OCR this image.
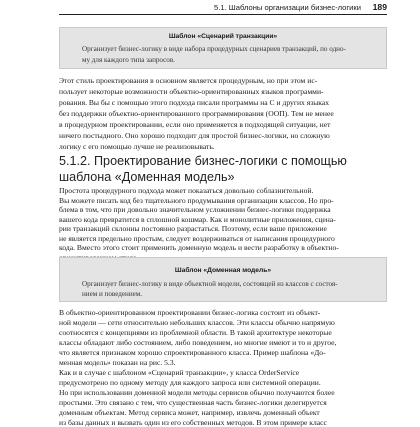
5.1. Шаблоны организации бизнес-логики 189
Шаблон «Сценарий транзакции»
Организует бизнес-логику в виде набора процедурных сценариев транзакций, по одно-
му для каждого типа запросов.
Этот стиль проектирования в основном является процедурным, но при этом ис-
пользует некоторые возможности объектно-ориентированных языков программи-
рования. Вы бы с помощью этого подхода писали программы на С и других языках
без поддержки объектно-ориентированного программирования (ООП). Тем не менее
в процедурном проектировании, если оно применяется в подходящей ситуации, нет
ничего постыдного. Оно хорошо подходит для простой бизнес-логики, но сложную
логику с его помощью лучше не реализовывать.
5.1.2. Проектирование бизнес-логики с помощью
шаблона «Доменная модель»
Простота процедурного подхода может показаться довольно соблазнительной.
Вы можете писать код без тщательного продумывания организации классов. Но про-
блема в том, что при довольно значительном усложнении бизнес-логики поддержка
вашего кода превратится в сплошной кошмар. Как и монолитные приложения, сцена-
рии транзакций склонны постоянно разрастаться. Поэтому, если ваше приложение
не является предельно простым, следует воздерживаться от написания процедурного
кода. Вместо этого стоит применить доменную модель и вести разработку в объектно-
Шаблон «Доменная модель»
Организует бизнес-логику в виде объектной модели, состоящей из классов с состоя-
нием и поведением.
В объектно-ориентированном проектировании бизнес-логика состоит из объект-
ной модели — сети относительно небольших классов. Эти классы обычно напрямую
соотносятся с концепциями из проблемной области. В такой архитектуре некоторые
классы обладают либо состоянием, либо поведением, но многие имеют и то и другое,
что является признаком хорошо спроектированного класса. Пример шаблона «До-
менная модель» показан на рис. 5.3.
Как и в случае с шаблоном «Сценарий транзакции», у класса OrderService
предусмотрено по одному методу для каждого запроса или системной операции.
Но при использовании доменной модели методы сервисов обычно получаются более
простыми. Это связано с тем, что существенная часть бизнес-логики делегируется
доменным объектам. Метод сервиса может, например, извлечь доменный объект
из базы данных и вызвать один из его собственных методов. В этом примере класс
